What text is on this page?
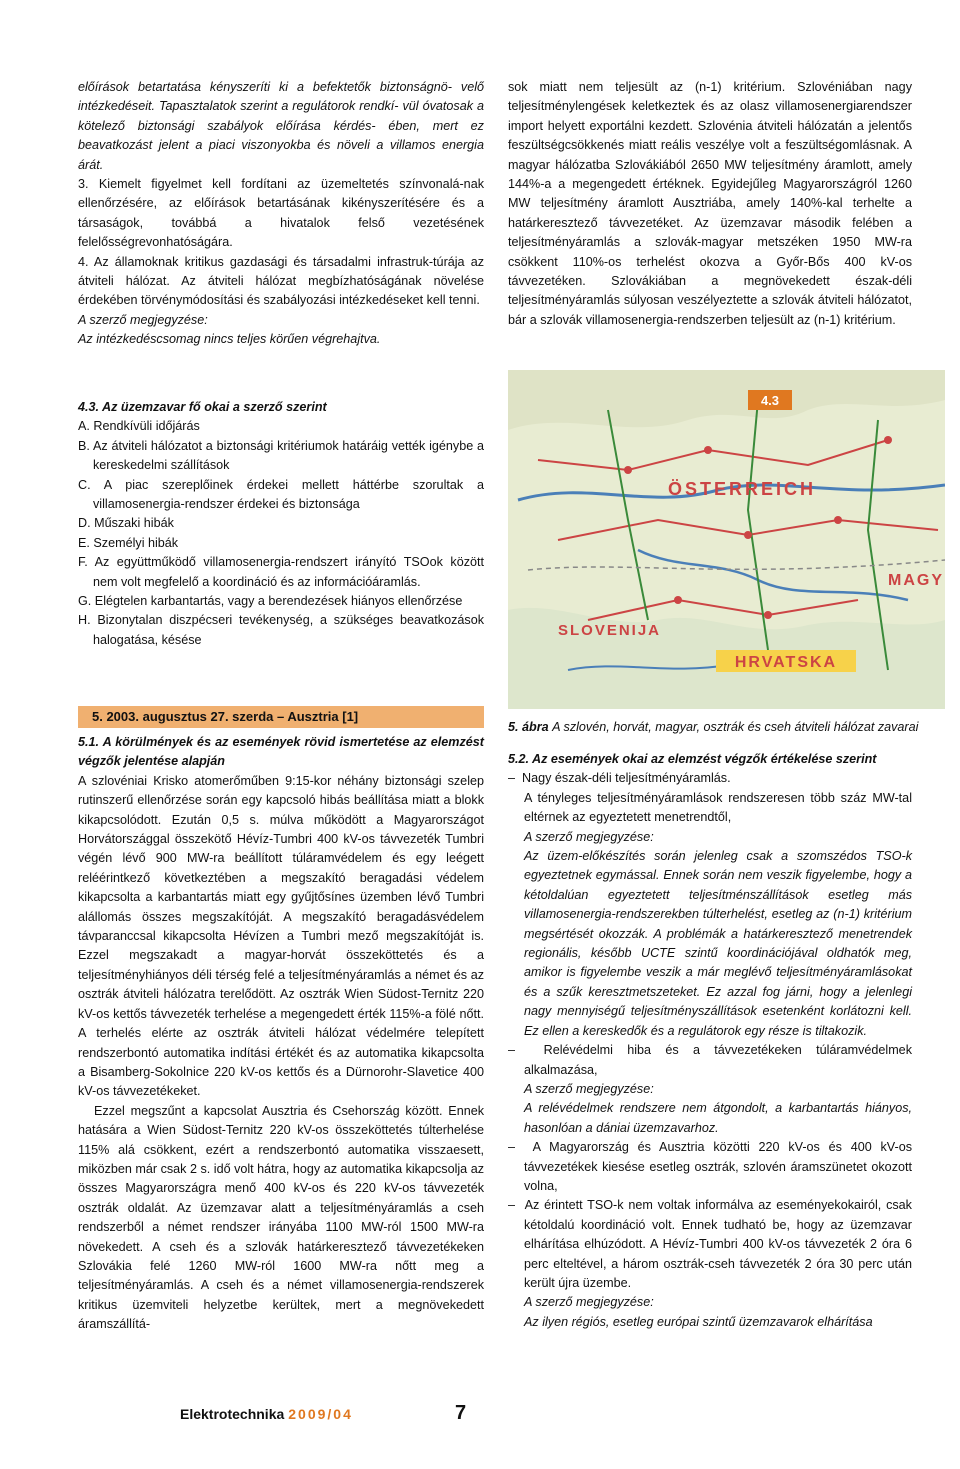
előírások betartatása kényszeríti ki a befektetők biztonságnö- velő intézkedéseit. Tapasztalatok szerint a regulátorok rendkí- vül óvatosak a kötelező biztonsági szabályok előírása kérdés- ében, mert ez beavatkozást jelent a piaci viszonyokba és növeli a villamos energia árát.

3. Kiemelt figyelmet kell fordítani az üzemeltetés színvonalá-nak ellenőrzésére, az előírások betartásának kikényszerítésére és a társaságok, továbbá a hivatalok felső vezetésének felelősségrevonhatóságára.

4. Az államoknak kritikus gazdasági és társadalmi infrastruk-túrája az átviteli hálózat. Az átviteli hálózat megbízhatóságának növelése érdekében törvénymódosítási és szabályozási intézkedéseket kell tenni.

A szerző megjegyzése:

Az intézkedéscsomag nincs teljes körűen végrehajtva.

4.3. Az üzemzavar fő okai a szerző szerint

A. Rendkívüli időjárás

B. Az átviteli hálózatot a biztonsági kritériumok határáig vették igénybe a kereskedelmi szállítások

C. A piac szereplőinek érdekei mellett háttérbe szorultak a villamosenergia-rendszer érdekei és biztonsága

D. Műszaki hibák

E. Személyi hibák

F. Az együttműködő villamosenergia-rendszert irányító TSOok között nem volt megfelelő a koordináció és az információáramlás.

G. Elégtelen karbantartás, vagy a berendezések hiányos ellenőrzése

H. Bizonytalan diszpécseri tevékenység, a szükséges beavatkozások halogatása, késése

5. 2003. augusztus 27. szerda – Ausztria [1]

5.1. A körülmények és az események rövid ismertetése az elemzést végzők jelentése alapján

A szlovéniai Krisko atomerőműben 9:15-kor néhány biztonsági szelep rutinszerű ellenőrzése során egy kapcsoló hibás beállítása miatt a blokk kikapcsolódott. Ezután 0,5 s. múlva működött a Magyarországot Horvátországgal összekötő Hévíz-Tumbri 400 kV-os távvezeték Tumbri végén lévő 900 MW-ra beállított túláramvédelem és egy leégett reléérintkező következtében a megszakító beragadási védelem kikapcsolta a karbantartás miatt egy gyűjtősínes üzemben lévő Tumbri alállomás összes megszakítóját. A megszakító beragadásvédelem távparanccsal kikapcsolta Hévízen a Tumbri mező megszakítóját is. Ezzel megszakadt a magyar-horvát összeköttetés és a teljesítményhiányos déli térség felé a teljesítményáramlás a német és az osztrák átviteli hálózatra terelődött. Az osztrák Wien Südost-Ternitz 220 kV-os kettős távvezeték terhelése a megengedett érték 115%-a fölé nőtt. A terhelés elérte az osztrák átviteli hálózat védelmére telepített rendszerbontó automatika indítási értékét és az automatika kikapcsolta a Bisamberg-Sokolnice 220 kV-os kettős és a Dürnorohr-Slavetice 400 kV-os távvezetékeket.

Ezzel megszűnt a kapcsolat Ausztria és Csehország között. Ennek hatására a Wien Südost-Ternitz 220 kV-os összeköttetés túlterhelése 115% alá csökkent, ezért a rendszerbontó automatika visszaesett, miközben már csak 2 s. idő volt hátra, hogy az automatika kikapcsolja az összes Magyarországra menő 400 kV-os és 220 kV-os távvezeték osztrák oldalát. Az üzemzavar alatt a teljesítményáramlás a cseh rendszerből a német rendszer irányába 1100 MW-ról 1500 MW-ra növekedett. A cseh és a szlovák határkeresztező távvezetékeken Szlovákia felé 1260 MW-ról 1600 MW-ra nőtt meg a teljesítményáramlás. A cseh és a német villamosenergia-rendszerek kritikus üzemviteli helyzetbe kerültek, mert a megnövekedett áramszállítá-

sok miatt nem teljesült az (n-1) kritérium. Szlovéniában nagy teljesítménylengések keletkeztek és az olasz villamosenergiarendszer import helyett exportálni kezdett. Szlovénia átviteli hálózatán a jelentős feszültségcsökkenés miatt reális veszélye volt a feszültségomlásnak. A magyar hálózatba Szlovákiából 2650 MW teljesítmény áramlott, amely 144%-a a megengedett értéknek. Egyidejűleg Magyarországról 1260 MW teljesítmény áramlott Ausztriába, amely 140%-kal terhelte a határkeresztező távvezetéket. Az üzemzavar második felében a teljesítményáramlás a szlovák-magyar metszéken 1950 MW-ra csökkent 110%-os terhelést okozva a Győr-Bős 400 kV-os távvezetéken. Szlovákiában a megnövekedett észak-déli teljesítményáramlás súlyosan veszélyeztette a szlovák átviteli hálózatot, bár a szlovák villamosenergia-rendszerben teljesült az (n-1) kritérium.

4.3
ÖSTERREICH
MAGY
SLOVENIJA
HRVATSKA
5. ábra A szlovén, horvát, magyar, osztrák és cseh átviteli hálózat zavarai

5.2. Az események okai az elemzést végzők értékelése szerint

–  Nagy észak-déli teljesítményáramlás.

A tényleges teljesítményáramlások rendszeresen több száz MW-tal eltérnek az egyeztetett menetrendtől,

A szerző megjegyzése:

Az üzem-előkészítés során jelenleg csak a szomszédos TSO-k egyeztetnek egymással. Ennek során nem veszik figyelembe, hogy a kétoldalúan egyeztetett teljesítménszállítások esetleg más villamosenergia-rendszerekben túlterhelést, esetleg az (n-1) kritérium megsértését okozzák. A problémák a határkeresztező menetrendek regionális, később UCTE szintű koordinációjával oldhatók meg, amikor is figyelembe veszik a már meglévő teljesítményáramlásokat és a szűk keresztmetszeteket. Ez azzal fog járni, hogy a jelenlegi nagy mennyiségű teljesítményszállítások esetenként korlátozni kell. Ez ellen a kereskedők és a regulátorok egy része is tiltakozik.

–  Relévédelmi hiba és a távvezetékeken túláramvédelmek alkalmazása,

A szerző megjegyzése:

A relévédelmek rendszere nem átgondolt, a karbantartás hiányos, hasonlóan a dániai üzemzavarhoz.

–  A Magyarország és Ausztria közötti 220 kV-os és 400 kV-os távvezetékek kiesése esetleg osztrák, szlovén áramszünetet okozott volna,

–  Az érintett TSO-k nem voltak informálva az eseményekokairól, csak kétoldalú koordináció volt. Ennek tudható be, hogy az üzemzavar elhárítása elhúzódott. A Hévíz-Tumbri 400 kV-os távvezeték 2 óra 6 perc elteltével, a három osztrák-cseh távvezeték 2 óra 30 perc után került újra üzembe.

A szerző megjegyzése:

Az ilyen régiós, esetleg európai szintű üzemzavarok elhárítása

Elektrotechnika 2009/04	7
